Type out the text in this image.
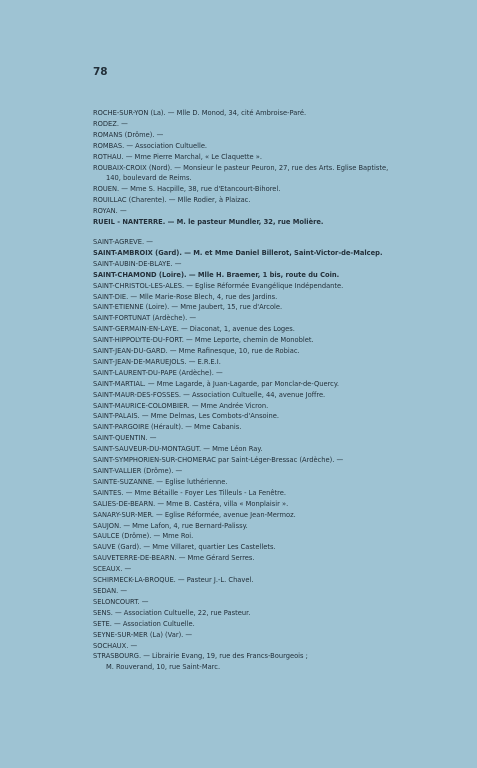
78
ROCHE-SUR-YON (La). — Mlle D. Monod, 34, cité Ambroise-Paré.
RODEZ. —
ROMANS (Drôme). —
ROMBAS. — Association Cultuelle.
ROTHAU. — Mme Pierre Marchal, « Le Claquette ».
ROUBAIX-CROIX (Nord). — Monsieur le pasteur Peuron, 27, rue des Arts. Eglise Baptiste,
140, boulevard de Reims.
ROUEN. — Mme S. Hacpille, 38, rue d'Etancourt-Bihorel.
ROUILLAC (Charente). — Mlle Rodier, à Plaizac.
ROYAN. —
RUEIL - NANTERRE. — M. le pasteur Mundler, 32, rue Molière.
SAINT-AGREVE. —
SAINT-AMBROIX (Gard). — M. et Mme Daniel Billerot, Saint-Victor-de-Malcep.
SAINT-AUBIN-DE-BLAYE. —
SAINT-CHAMOND (Loire). — Mlle H. Braemer, 1 bis, route du Coin.
SAINT-CHRISTOL-LES-ALES. — Eglise Réformée Evangélique Indépendante.
SAINT-DIE. — Mlle Marie-Rose Blech, 4, rue des Jardins.
SAINT-ETIENNE (Loire). — Mme Jaubert, 15, rue d'Arcole.
SAINT-FORTUNAT (Ardèche). —
SAINT-GERMAIN-EN-LAYE. — Diaconat, 1, avenue des Loges.
SAINT-HIPPOLYTE-DU-FORT. — Mme Leporte, chemin de Monoblet.
SAINT-JEAN-DU-GARD. — Mme Rafinesque, 10, rue de Robiac.
SAINT-JEAN-DE-MARUEJOLS. — E.R.E.I.
SAINT-LAURENT-DU-PAPE (Ardèche). —
SAINT-MARTIAL. — Mme Lagarde, à Juan-Lagarde, par Monclar-de-Quercy.
SAINT-MAUR-DES-FOSSES. — Association Cultuelle, 44, avenue Joffre.
SAINT-MAURICE-COLOMBIER. — Mme Andrée Vicron.
SAINT-PALAIS. — Mme Delmas, Les Combots-d'Ansoine.
SAINT-PARGOIRE (Hérault). — Mme Cabanis.
SAINT-QUENTIN. —
SAINT-SAUVEUR-DU-MONTAGUT. — Mme Léon Ray.
SAINT-SYMPHORIEN-SUR-CHOMERAC par Saint-Léger-Bressac (Ardèche). —
SAINT-VALLIER (Drôme). —
SAINTE-SUZANNE. — Eglise luthérienne.
SAINTES. — Mme Bétaille - Foyer Les Tilleuls - La Fenêtre.
SALIES-DE-BEARN. — Mme B. Castéra, villa « Monplaisir ».
SANARY-SUR-MER. — Eglise Réformée, avenue Jean-Mermoz.
SAUJON. — Mme Lafon, 4, rue Bernard-Palissy.
SAULCE (Drôme). — Mme Roi.
SAUVE (Gard). — Mme Villaret, quartier Les Castellets.
SAUVETERRE-DE-BEARN. — Mme Gérard Serres.
SCEAUX. —
SCHIRMECK-LA-BROQUE. — Pasteur J.-L. Chavel.
SEDAN. —
SELONCOURT. —
SENS. — Association Cultuelle, 22, rue Pasteur.
SETE. — Association Cultuelle.
SEYNE-SUR-MER (La) (Var). —
SOCHAUX. —
STRASBOURG. — Librairie Evang, 19, rue des Francs-Bourgeois ;
M. Rouverand, 10, rue Saint-Marc.
